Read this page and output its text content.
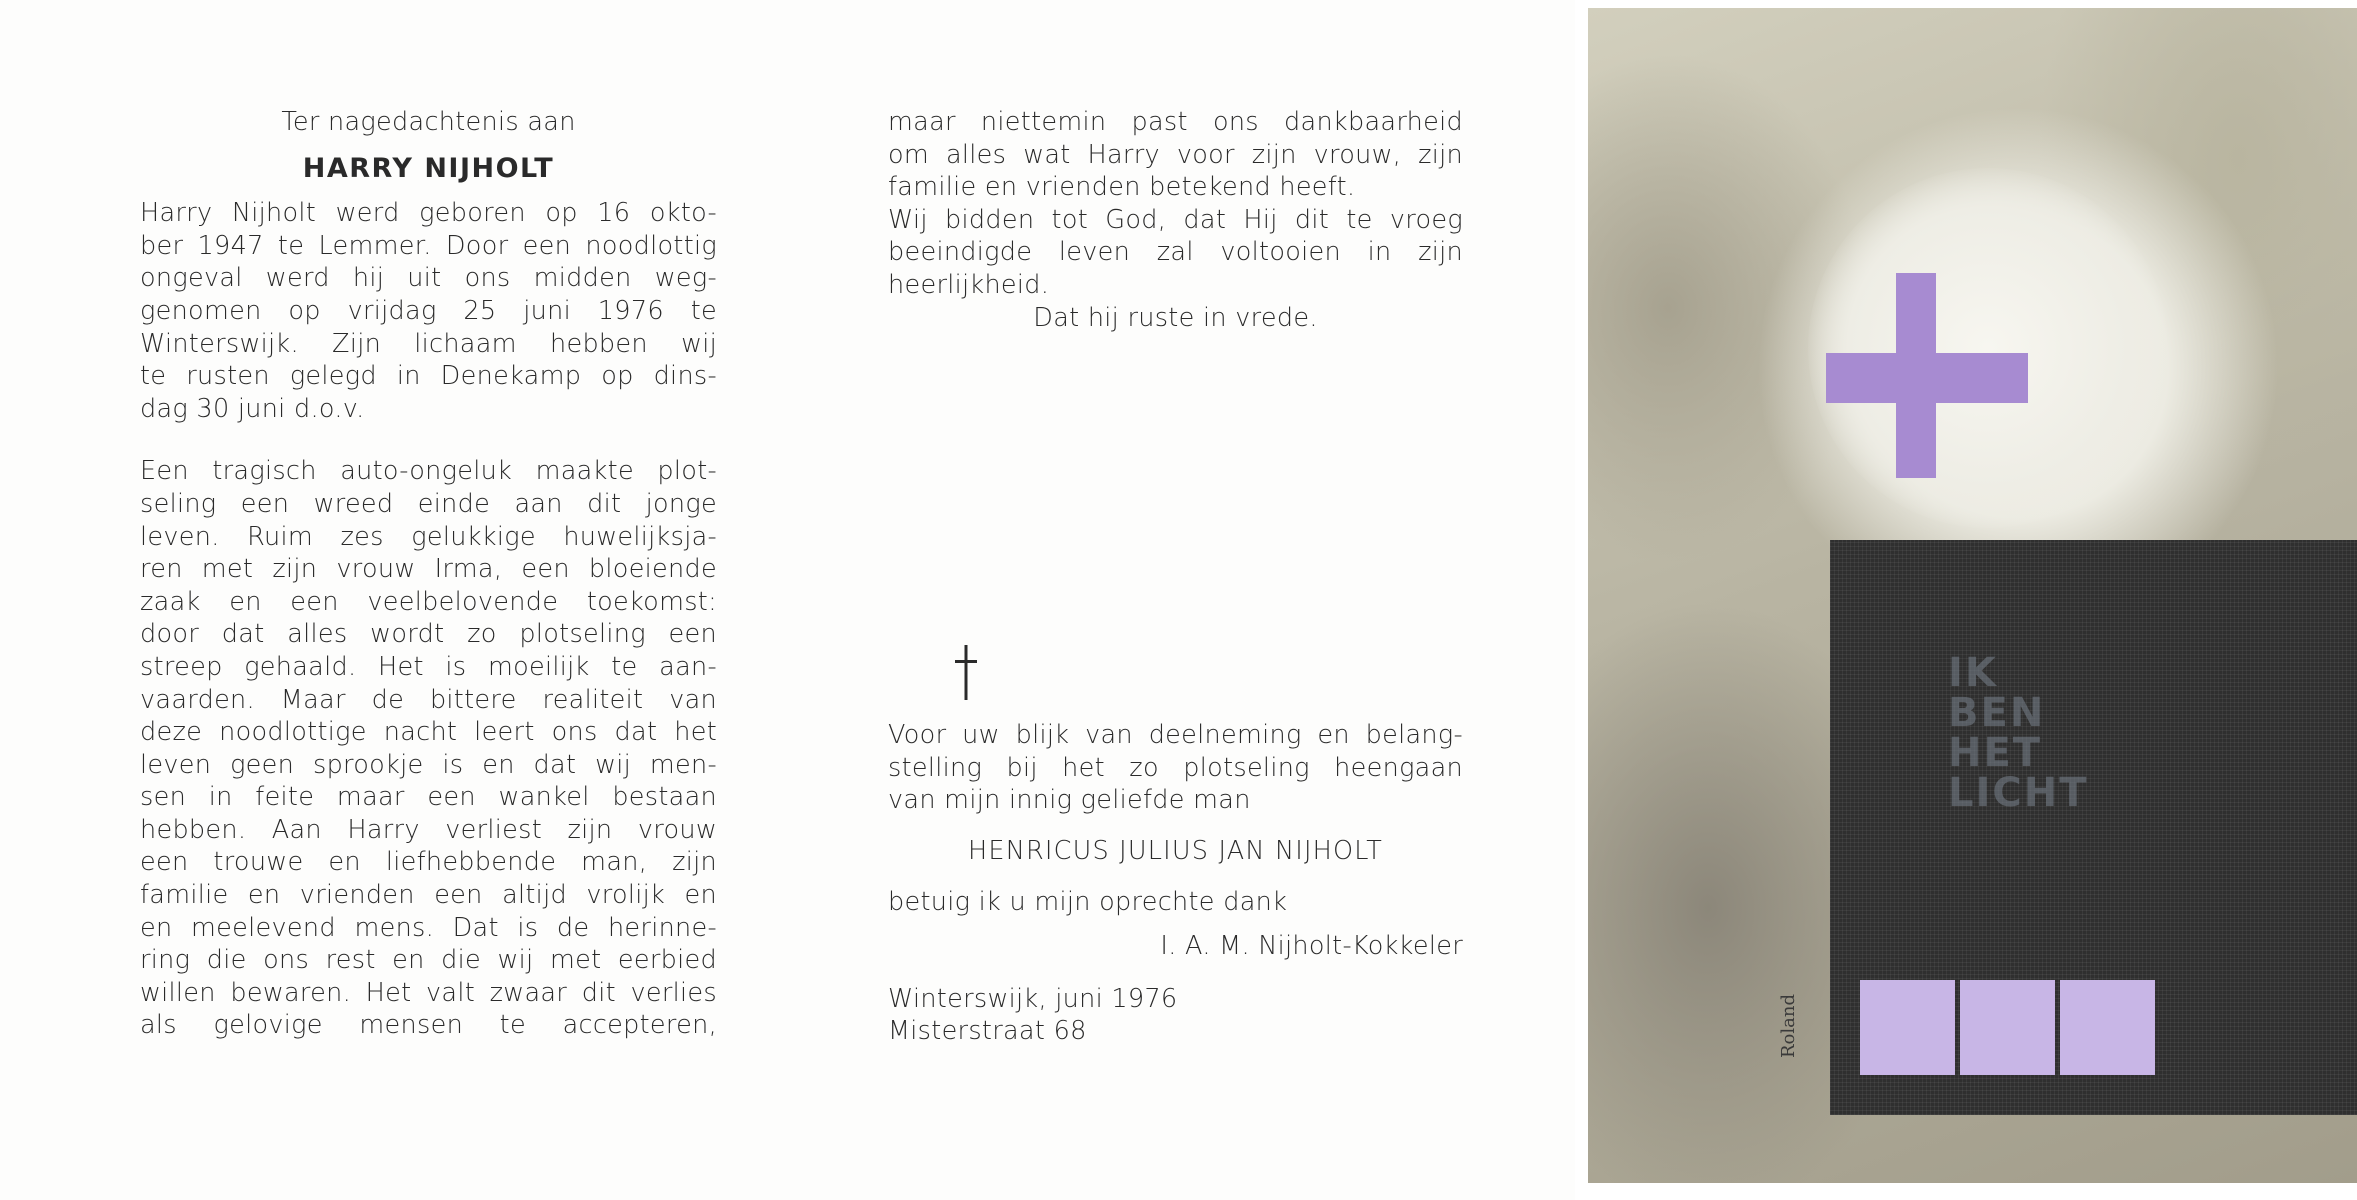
Ter nagedachtenis aan
HARRY NIJHOLT
Harry Nijholt werd geboren op 16 okto-
ber 1947 te Lemmer. Door een noodlottig
ongeval werd hij uit ons midden weg-
genomen op vrijdag 25 juni 1976 te
Winterswijk. Zijn lichaam hebben wij
te rusten gelegd in Denekamp op dins-
dag 30 juni d.o.v.
Een tragisch auto-ongeluk maakte plot-
seling een wreed einde aan dit jonge
leven. Ruim zes gelukkige huwelijksja-
ren met zijn vrouw Irma, een bloeiende
zaak en een veelbelovende toekomst:
door dat alles wordt zo plotseling een
streep gehaald. Het is moeilijk te aan-
vaarden. Maar de bittere realiteit van
deze noodlottige nacht leert ons dat het
leven geen sprookje is en dat wij men-
sen in feite maar een wankel bestaan
hebben. Aan Harry verliest zijn vrouw
een trouwe en liefhebbende man, zijn
familie en vrienden een altijd vrolijk en
en meelevend mens. Dat is de herinne-
ring die ons rest en die wij met eerbied
willen bewaren. Het valt zwaar dit verlies
als gelovige mensen te accepteren,
maar niettemin past ons dankbaarheid
om alles wat Harry voor zijn vrouw, zijn
familie en vrienden betekend heeft.
Wij bidden tot God, dat Hij dit te vroeg
beeindigde leven zal voltooien in zijn
heerlijkheid.
Dat hij ruste in vrede.
Voor uw blijk van deelneming en belang-
stelling bij het zo plotseling heengaan
van mijn innig geliefde man
HENRICUS JULIUS JAN NIJHOLT
betuig ik u mijn oprechte dank
I. A. M. Nijholt-Kokkeler
Winterswijk, juni 1976
Misterstraat 68
IK
BEN
HET
LICHT
Roland
